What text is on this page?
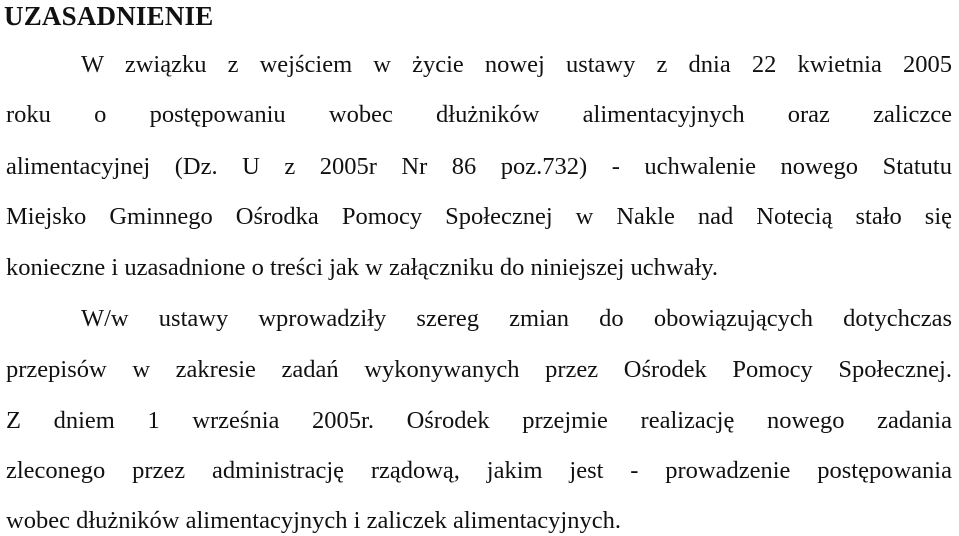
UZASADNIENIE
W związku z wejściem w życie nowej ustawy z dnia 22 kwietnia 2005
roku o postępowaniu wobec dłużników alimentacyjnych oraz zaliczce
alimentacyjnej (Dz. U z 2005r Nr 86 poz.732) - uchwalenie nowego Statutu
Miejsko Gminnego Ośrodka Pomocy Społecznej w Nakle nad Notecią stało się
konieczne i uzasadnione o treści jak w załączniku do niniejszej uchwały.
W/w ustawy wprowadziły szereg zmian do obowiązujących dotychczas
przepisów w zakresie zadań wykonywanych przez Ośrodek Pomocy Społecznej.
Z dniem 1 września 2005r. Ośrodek przejmie realizację nowego zadania
zleconego przez administrację rządową, jakim jest - prowadzenie postępowania
wobec dłużników alimentacyjnych i zaliczek alimentacyjnych.
